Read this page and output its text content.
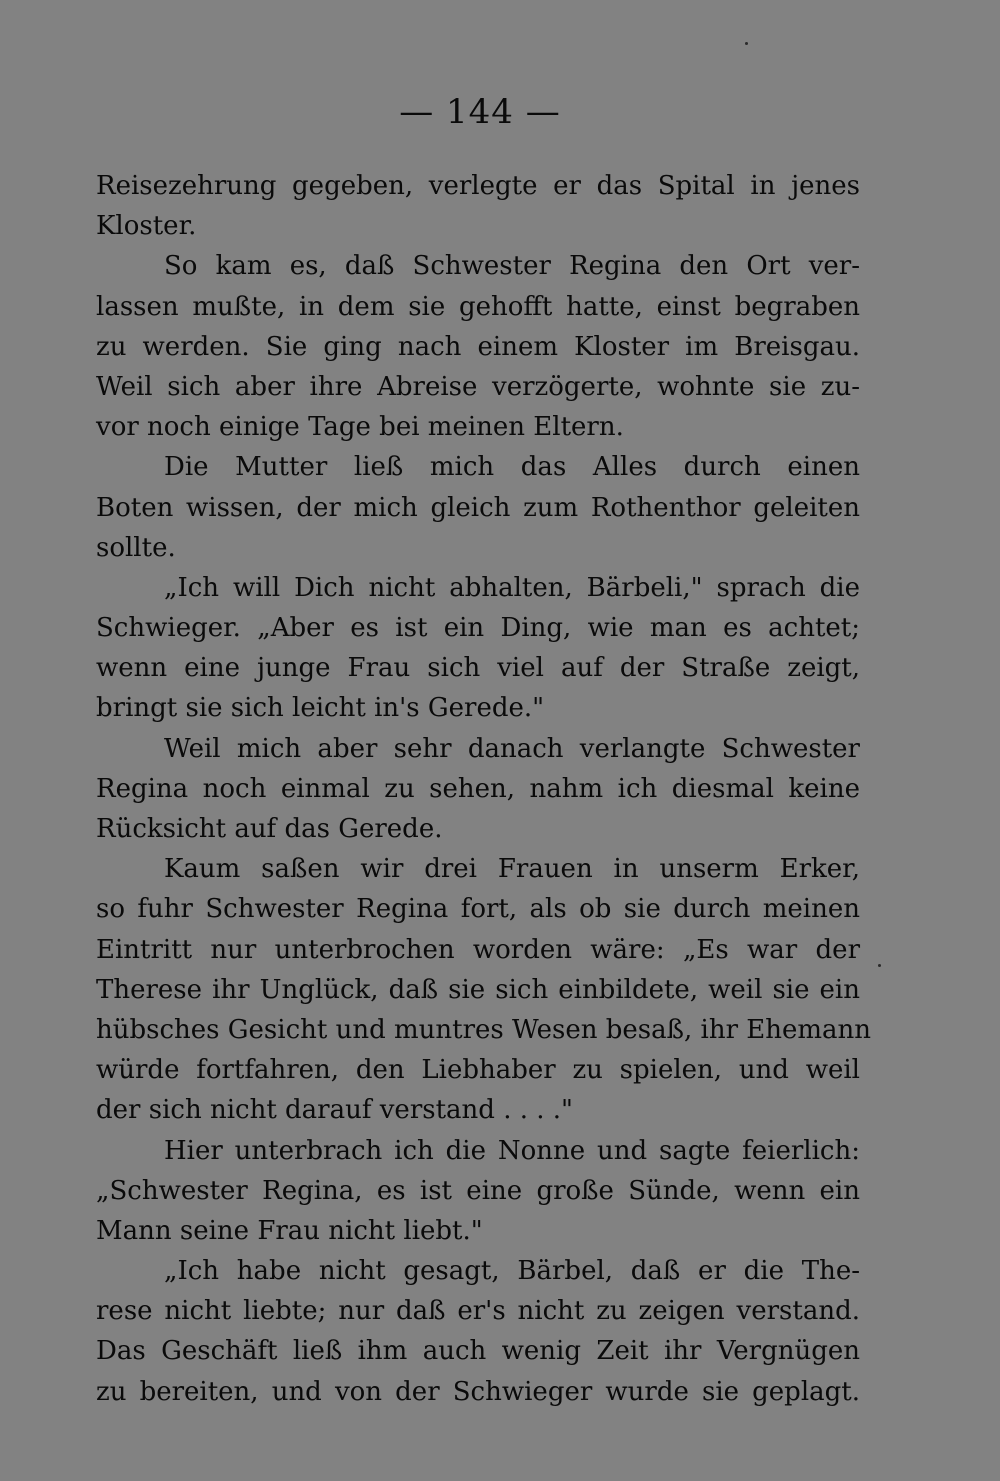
— 144 —
Reisezehrung gegeben, verlegte er das Spital in jenes
Kloster.
So kam es, daß Schwester Regina den Ort ver-
lassen mußte, in dem sie gehofft hatte, einst begraben
zu werden. Sie ging nach einem Kloster im Breisgau.
Weil sich aber ihre Abreise verzögerte, wohnte sie zu-
vor noch einige Tage bei meinen Eltern.
Die Mutter ließ mich das Alles durch einen
Boten wissen, der mich gleich zum Rothenthor geleiten
sollte.
„Ich will Dich nicht abhalten, Bärbeli," sprach die
Schwieger. „Aber es ist ein Ding, wie man es achtet;
wenn eine junge Frau sich viel auf der Straße zeigt,
bringt sie sich leicht in's Gerede."
Weil mich aber sehr danach verlangte Schwester
Regina noch einmal zu sehen, nahm ich diesmal keine
Rücksicht auf das Gerede.
Kaum saßen wir drei Frauen in unserm Erker,
so fuhr Schwester Regina fort, als ob sie durch meinen
Eintritt nur unterbrochen worden wäre: „Es war der
Therese ihr Unglück, daß sie sich einbildete, weil sie ein
hübsches Gesicht und muntres Wesen besaß, ihr Ehemann
würde fortfahren, den Liebhaber zu spielen, und weil
der sich nicht darauf verstand . . . ."
Hier unterbrach ich die Nonne und sagte feierlich:
„Schwester Regina, es ist eine große Sünde, wenn ein
Mann seine Frau nicht liebt."
„Ich habe nicht gesagt, Bärbel, daß er die The-
rese nicht liebte; nur daß er's nicht zu zeigen verstand.
Das Geschäft ließ ihm auch wenig Zeit ihr Vergnügen
zu bereiten, und von der Schwieger wurde sie geplagt.
